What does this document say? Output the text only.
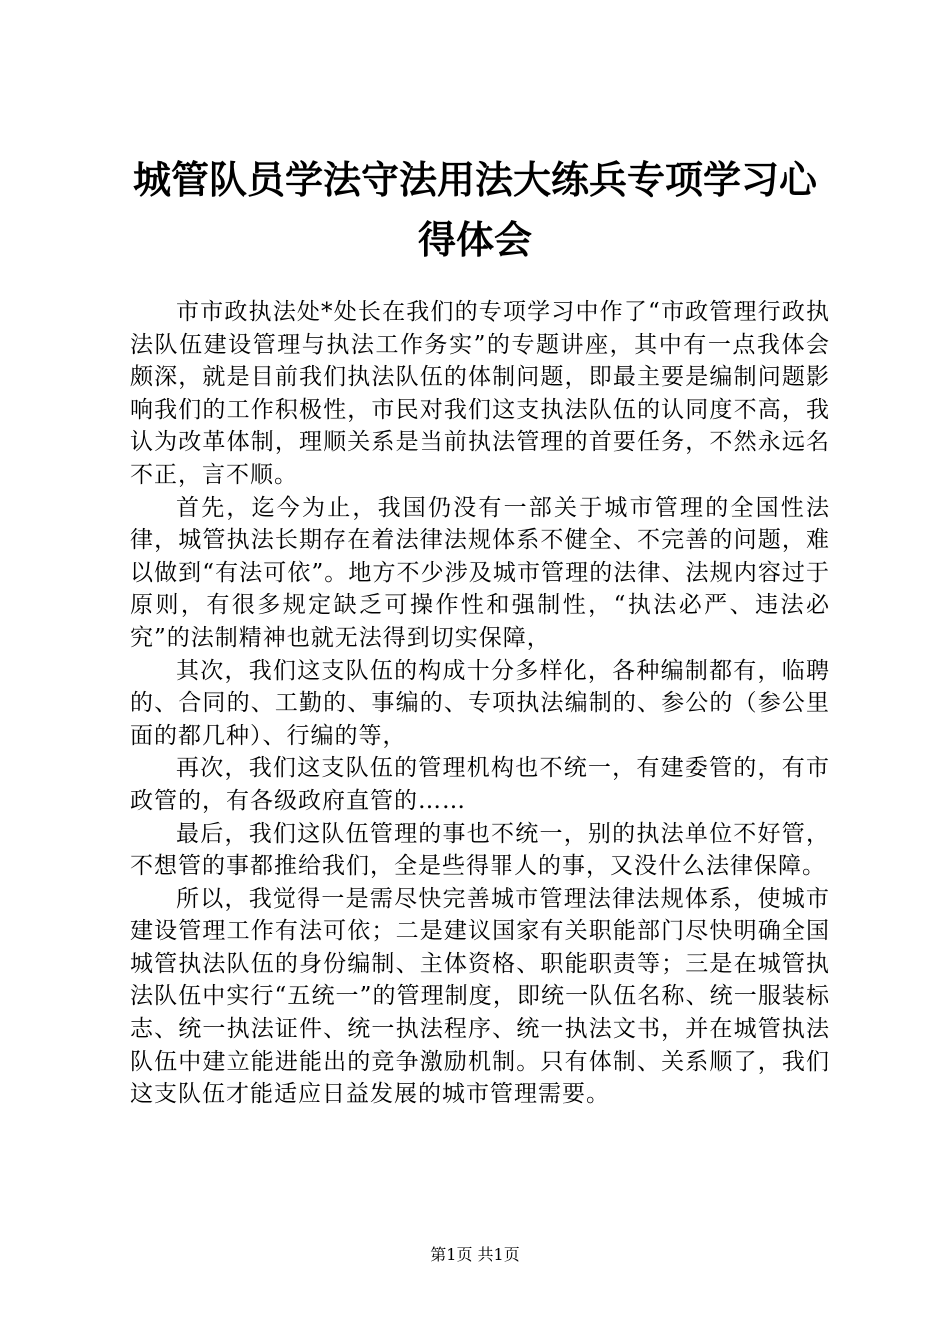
城管队员学法守法用法大练兵专项学习心得体会

市市政执法处*处长在我们的专项学习中作了“市政管理行政执法队伍建设管理与执法工作务实”的专题讲座，其中有一点我体会颇深，就是目前我们执法队伍的体制问题，即最主要是编制问题影响我们的工作积极性，市民对我们这支执法队伍的认同度不高，我认为改革体制，理顺关系是当前执法管理的首要任务，不然永远名不正，言不顺。

首先，迄今为止，我国仍没有一部关于城市管理的全国性法律，城管执法长期存在着法律法规体系不健全、不完善的问题，难以做到“有法可依”。地方不少涉及城市管理的法律、法规内容过于原则，有很多规定缺乏可操作性和强制性，“执法必严、违法必究”的法制精神也就无法得到切实保障，

其次，我们这支队伍的构成十分多样化，各种编制都有，临聘的、合同的、工勤的、事编的、专项执法编制的、参公的（参公里面的都几种）、行编的等，

再次，我们这支队伍的管理机构也不统一，有建委管的，有市政管的，有各级政府直管的……

最后，我们这队伍管理的事也不统一，别的执法单位不好管，不想管的事都推给我们，全是些得罪人的事，又没什么法律保障。

所以，我觉得一是需尽快完善城市管理法律法规体系，使城市建设管理工作有法可依；二是建议国家有关职能部门尽快明确全国城管执法队伍的身份编制、主体资格、职能职责等；三是在城管执法队伍中实行“五统一”的管理制度，即统一队伍名称、统一服装标志、统一执法证件、统一执法程序、统一执法文书，并在城管执法队伍中建立能进能出的竞争激励机制。只有体制、关系顺了，我们这支队伍才能适应日益发展的城市管理需要。

第1页 共1页
